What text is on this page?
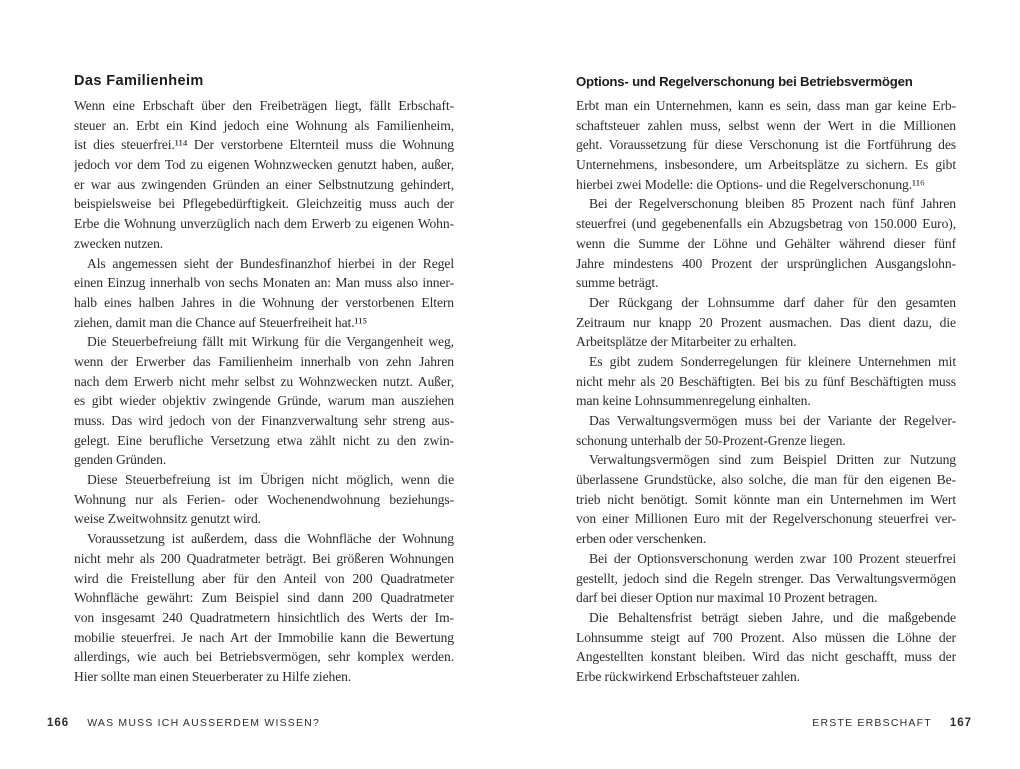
Das Familienheim
Wenn eine Erbschaft über den Freibeträgen liegt, fällt Erbschaft-
steuer an. Erbt ein Kind jedoch eine Wohnung als Familienheim,
ist dies steuerfrei.¹¹⁴ Der verstorbene Elternteil muss die Wohnung
jedoch vor dem Tod zu eigenen Wohnzwecken genutzt haben, außer,
er war aus zwingenden Gründen an einer Selbstnutzung gehindert,
beispielsweise bei Pflegebedürftigkeit. Gleichzeitig muss auch der
Erbe die Wohnung unverzüglich nach dem Erwerb zu eigenen Wohn-
zwecken nutzen.
Als angemessen sieht der Bundesfinanzhof hierbei in der Regel
einen Einzug innerhalb von sechs Monaten an: Man muss also inner-
halb eines halben Jahres in die Wohnung der verstorbenen Eltern
ziehen, damit man die Chance auf Steuerfreiheit hat.¹¹⁵
Die Steuerbefreiung fällt mit Wirkung für die Vergangenheit weg,
wenn der Erwerber das Familienheim innerhalb von zehn Jahren
nach dem Erwerb nicht mehr selbst zu Wohnzwecken nutzt. Außer,
es gibt wieder objektiv zwingende Gründe, warum man ausziehen
muss. Das wird jedoch von der Finanzverwaltung sehr streng aus-
gelegt. Eine berufliche Versetzung etwa zählt nicht zu den zwin-
genden Gründen.
Diese Steuerbefreiung ist im Übrigen nicht möglich, wenn die
Wohnung nur als Ferien- oder Wochenendwohnung beziehungs-
weise Zweitwohnsitz genutzt wird.
Voraussetzung ist außerdem, dass die Wohnfläche der Wohnung
nicht mehr als 200 Quadratmeter beträgt. Bei größeren Wohnungen
wird die Freistellung aber für den Anteil von 200 Quadratmeter
Wohnfläche gewährt: Zum Beispiel sind dann 200 Quadratmeter
von insgesamt 240 Quadratmetern hinsichtlich des Werts der Im-
mobilie steuerfrei. Je nach Art der Immobilie kann die Bewertung
allerdings, wie auch bei Betriebsvermögen, sehr komplex werden.
Hier sollte man einen Steuerberater zu Hilfe ziehen.
Options- und Regelverschonung bei Betriebsvermögen
Erbt man ein Unternehmen, kann es sein, dass man gar keine Erb-
schaftsteuer zahlen muss, selbst wenn der Wert in die Millionen
geht. Voraussetzung für diese Verschonung ist die Fortführung des
Unternehmens, insbesondere, um Arbeitsplätze zu sichern. Es gibt
hierbei zwei Modelle: die Options- und die Regelverschonung.¹¹⁶
Bei der Regelverschonung bleiben 85 Prozent nach fünf Jahren
steuerfrei (und gegebenenfalls ein Abzugsbetrag von 150.000 Euro),
wenn die Summe der Löhne und Gehälter während dieser fünf
Jahre mindestens 400 Prozent der ursprünglichen Ausgangslohn-
summe beträgt.
Der Rückgang der Lohnsumme darf daher für den gesamten
Zeitraum nur knapp 20 Prozent ausmachen. Das dient dazu, die
Arbeitsplätze der Mitarbeiter zu erhalten.
Es gibt zudem Sonderregelungen für kleinere Unternehmen mit
nicht mehr als 20 Beschäftigten. Bei bis zu fünf Beschäftigten muss
man keine Lohnsummenregelung einhalten.
Das Verwaltungsvermögen muss bei der Variante der Regelver-
schonung unterhalb der 50-Prozent-Grenze liegen.
Verwaltungsvermögen sind zum Beispiel Dritten zur Nutzung
überlassene Grundstücke, also solche, die man für den eigenen Be-
trieb nicht benötigt. Somit könnte man ein Unternehmen im Wert
von einer Millionen Euro mit der Regelverschonung steuerfrei ver-
erben oder verschenken.
Bei der Optionsverschonung werden zwar 100 Prozent steuerfrei
gestellt, jedoch sind die Regeln strenger. Das Verwaltungsvermögen
darf bei dieser Option nur maximal 10 Prozent betragen.
Die Behaltensfrist beträgt sieben Jahre, und die maßgebende
Lohnsumme steigt auf 700 Prozent. Also müssen die Löhne der
Angestellten konstant bleiben. Wird das nicht geschafft, muss der
Erbe rückwirkend Erbschaftsteuer zahlen.
166 WAS MUSS ICH AUSSERDEM WISSEN?	ERSTE ERBSCHAFT 167
